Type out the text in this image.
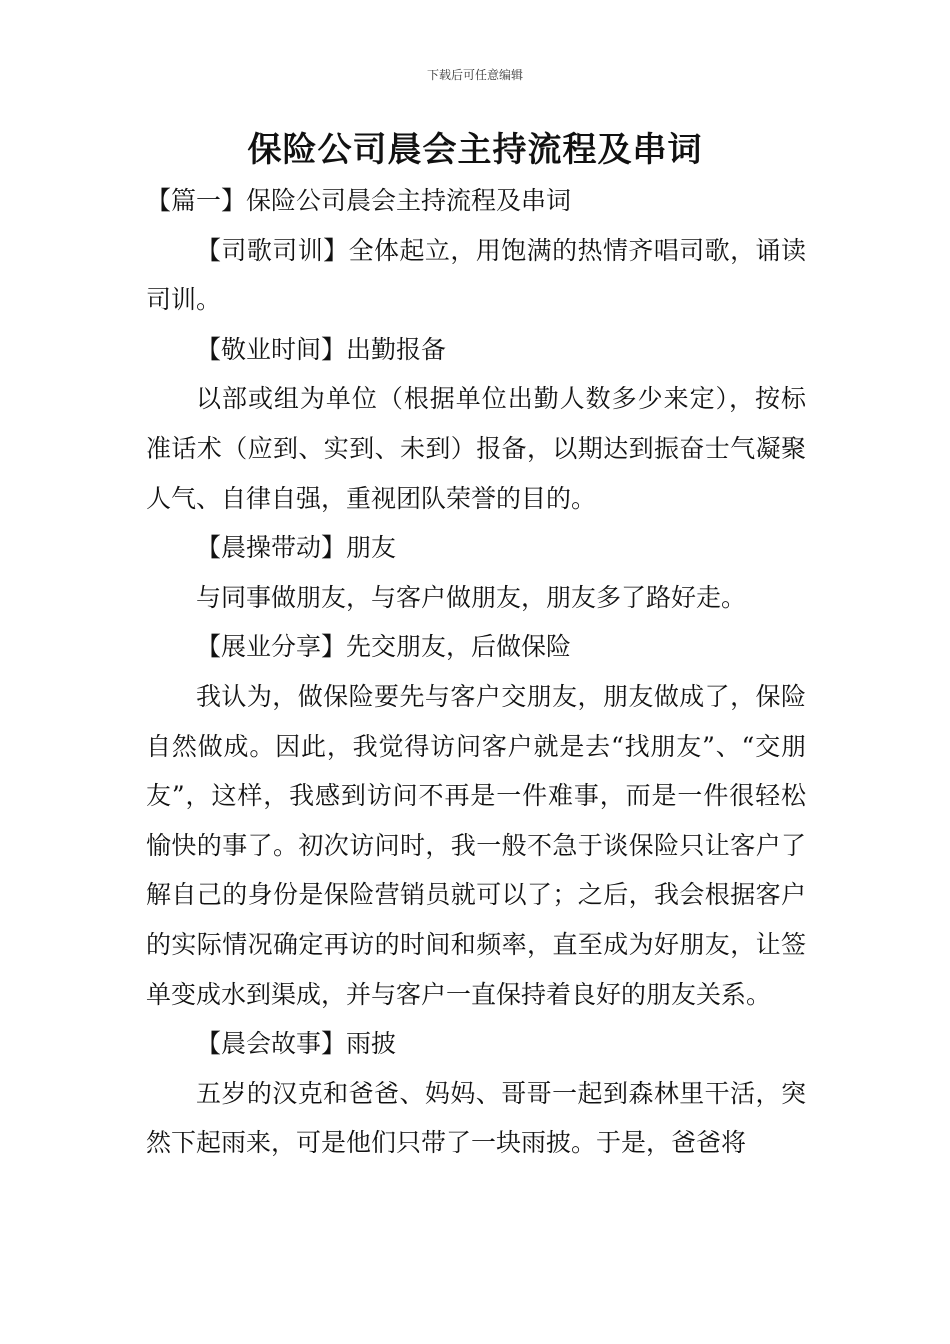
下载后可任意编辑
保险公司晨会主持流程及串词

【篇一】保险公司晨会主持流程及串词

【司歌司训】全体起立，用饱满的热情齐唱司歌，诵读司训。

【敬业时间】出勤报备

以部或组为单位（根据单位出勤人数多少来定），按标准话术（应到、实到、未到）报备，以期达到振奋士气凝聚人气、自律自强，重视团队荣誉的目的。

【晨操带动】朋友

与同事做朋友，与客户做朋友，朋友多了路好走。

【展业分享】先交朋友，后做保险

我认为，做保险要先与客户交朋友，朋友做成了，保险自然做成。因此，我觉得访问客户就是去“找朋友”、“交朋友”，这样，我感到访问不再是一件难事，而是一件很轻松愉快的事了。初次访问时，我一般不急于谈保险只让客户了解自己的身份是保险营销员就可以了；之后，我会根据客户的实际情况确定再访的时间和频率，直至成为好朋友，让签单变成水到渠成，并与客户一直保持着良好的朋友关系。

【晨会故事】雨披

五岁的汉克和爸爸、妈妈、哥哥一起到森林里干活，突然下起雨来，可是他们只带了一块雨披。于是，爸爸将
